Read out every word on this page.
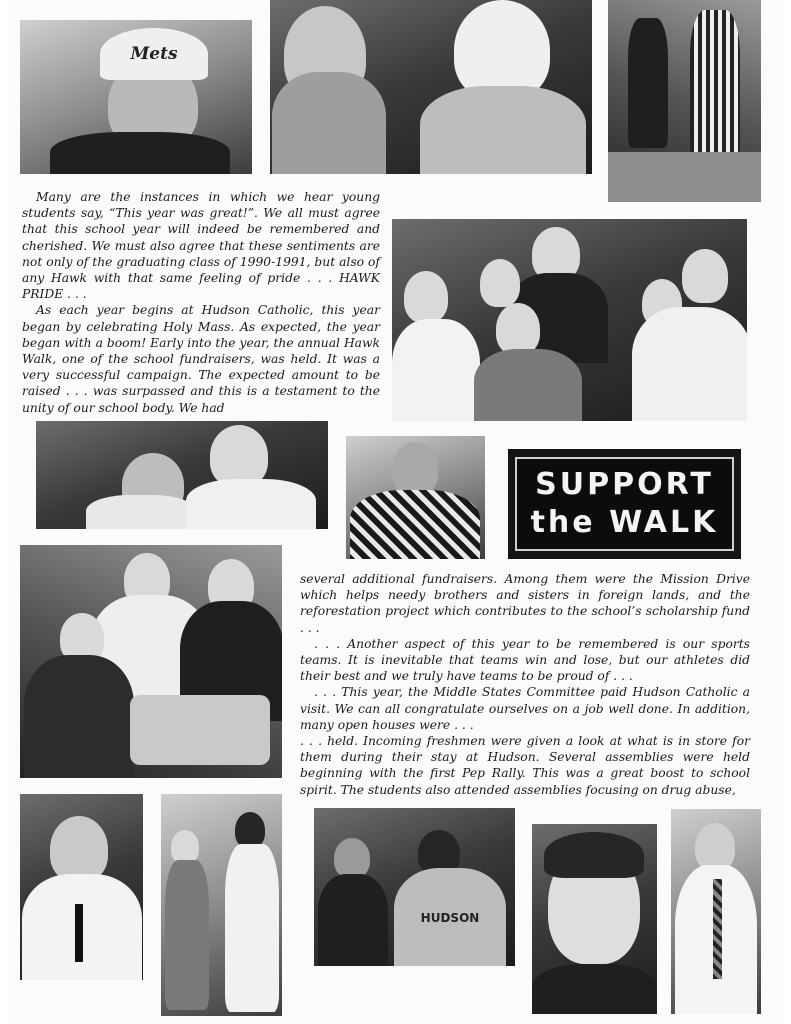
Mets

Many are the instances in which we hear young students say, “This year was great!”. We all must agree that this school year will indeed be remembered and cherished. We must also agree that these sentiments are not only of the graduating class of 1990-1991, but also of any Hawk with that same feeling of pride . . . HAWK PRIDE . . .

As each year begins at Hudson Catholic, this year began by celebrating Holy Mass. As expected, the year began with a boom! Early into the year, the annual Hawk Walk, one of the school fundraisers, was held. It was a very successful campaign. The expected amount to be raised . . . was surpassed and this is a testament to the unity of our school body. We had

SUPPORT
the WALK

several additional fundraisers. Among them were the Mission Drive which helps needy brothers and sisters in foreign lands, and the reforestation project which contributes to the school’s scholarship fund . . .

. . . Another aspect of this year to be remembered is our sports teams. It is inevitable that teams win and lose, but our athletes did their best and we truly have teams to be proud of . . .

. . . This year, the Middle States Committee paid Hudson Catholic a visit. We can all congratulate ourselves on a job well done. In addition, many open houses were . . .

. . . held. Incoming freshmen were given a look at what is in store for them during their stay at Hudson. Several assemblies were held beginning with the first Pep Rally. This was a great boost to school spirit. The students also attended assemblies focusing on drug abuse,

HUDSON
